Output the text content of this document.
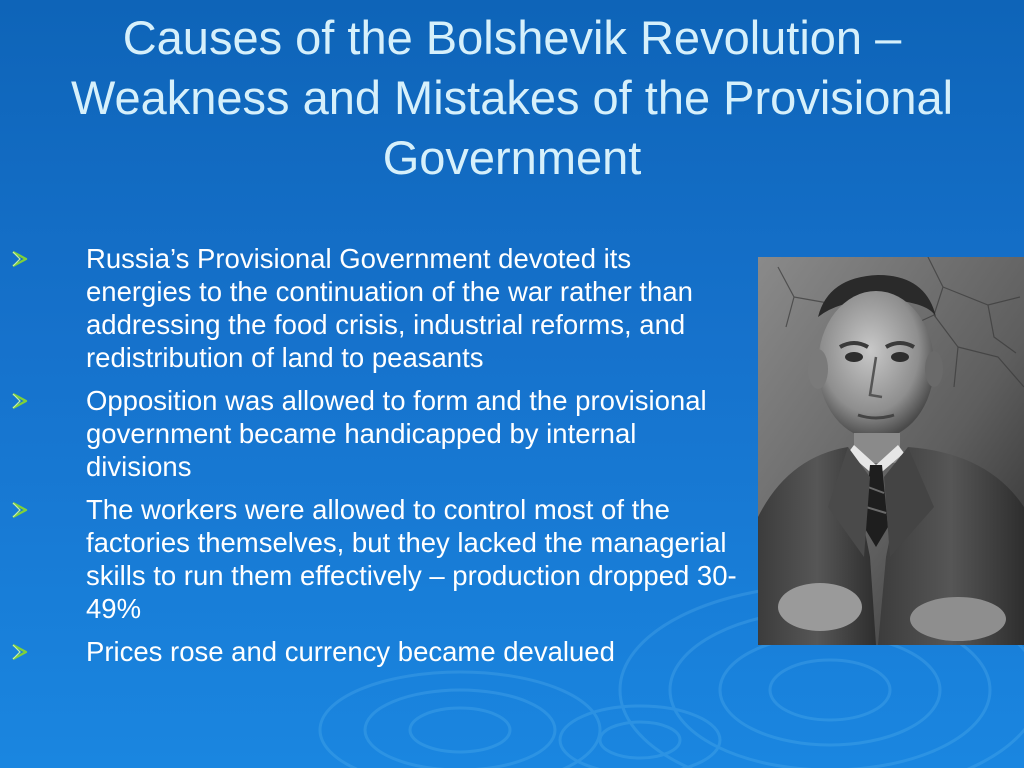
Causes of the Bolshevik Revolution – Weakness and Mistakes of the Provisional Government
Russia’s Provisional Government devoted its energies to the continuation of the war rather than addressing the food crisis, industrial reforms, and redistribution of land to peasants
Opposition was allowed to form and the provisional government became handicapped by internal divisions
The workers were allowed to control most of the factories themselves, but they lacked the managerial skills to run them effectively – production dropped 30-49%
Prices rose and currency became devalued
